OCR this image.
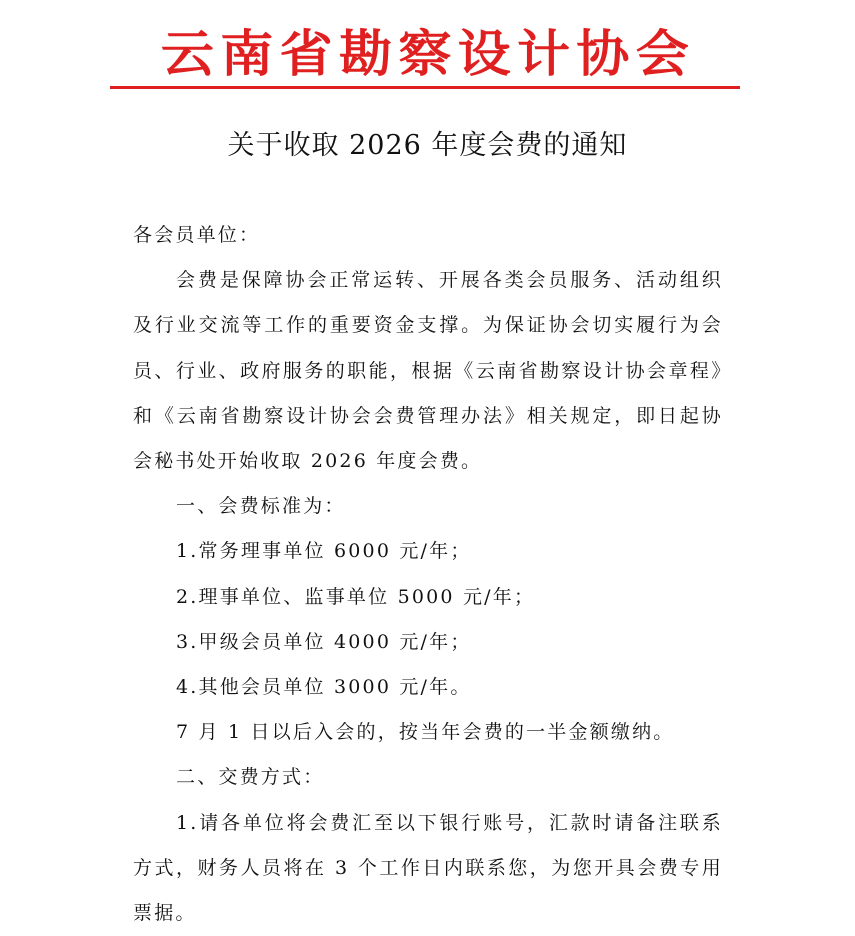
云南省勘察设计协会
关于收取 2026 年度会费的通知

各会员单位：

会费是保障协会正常运转、开展各类会员服务、活动组织及行业交流等工作的重要资金支撑。为保证协会切实履行为会员、行业、政府服务的职能，根据《云南省勘察设计协会章程》和《云南省勘察设计协会会费管理办法》相关规定，即日起协会秘书处开始收取 2026 年度会费。

一、会费标准为：

1.常务理事单位 6000 元/年；

2.理事单位、监事单位 5000 元/年；

3.甲级会员单位 4000 元/年；

4.其他会员单位 3000 元/年。

7 月 1 日以后入会的，按当年会费的一半金额缴纳。

二、交费方式：

1.请各单位将会费汇至以下银行账号，汇款时请备注联系方式，财务人员将在 3 个工作日内联系您，为您开具会费专用票据。
